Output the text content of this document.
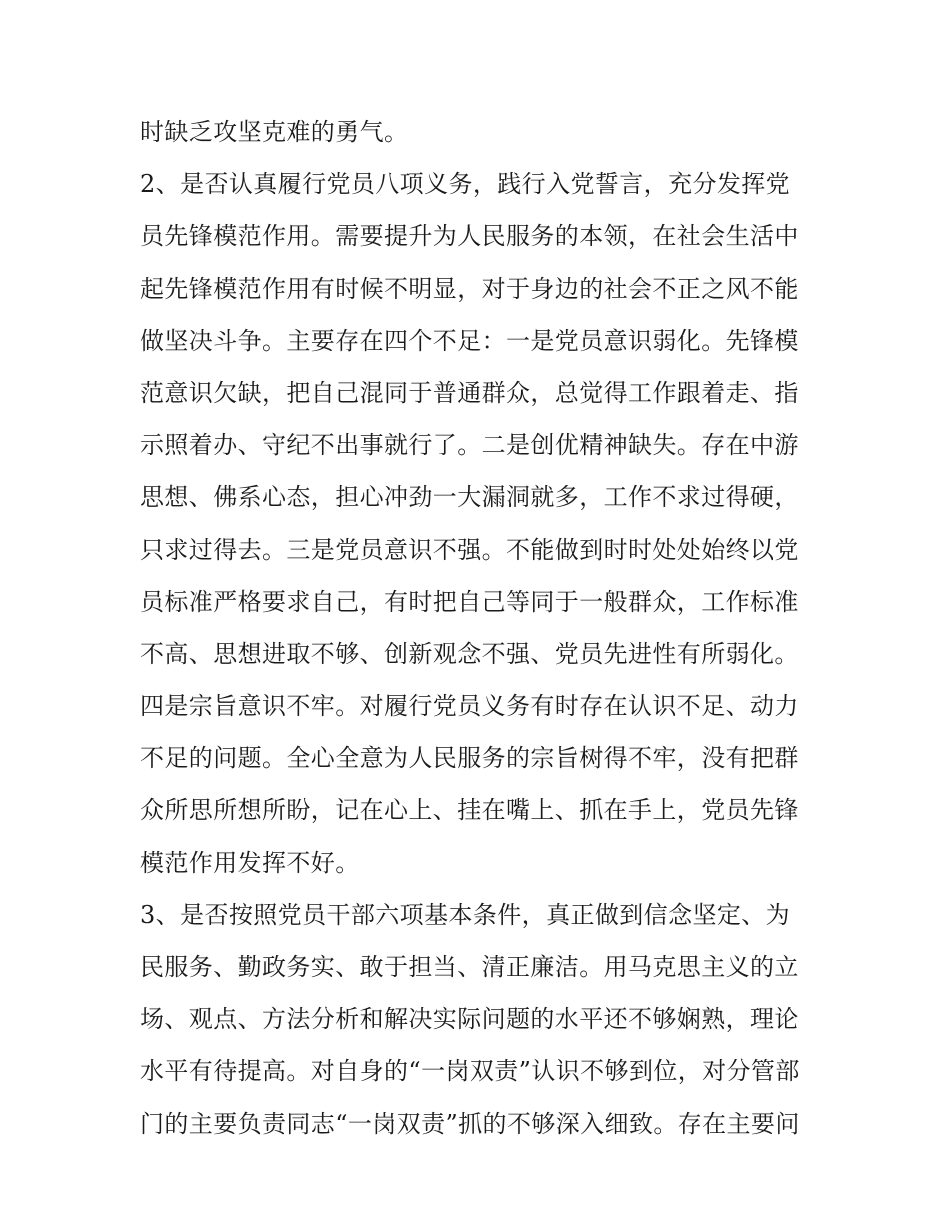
时缺乏攻坚克难的勇气。
2、是否认真履行党员八项义务，践行入党誓言，充分发挥党
员先锋模范作用。需要提升为人民服务的本领，在社会生活中
起先锋模范作用有时候不明显，对于身边的社会不正之风不能
做坚决斗争。主要存在四个不足：一是党员意识弱化。先锋模
范意识欠缺，把自己混同于普通群众，总觉得工作跟着走、指
示照着办、守纪不出事就行了。二是创优精神缺失。存在中游
思想、佛系心态，担心冲劲一大漏洞就多，工作不求过得硬，
只求过得去。三是党员意识不强。不能做到时时处处始终以党
员标准严格要求自己，有时把自己等同于一般群众，工作标准
不高、思想进取不够、创新观念不强、党员先进性有所弱化。
四是宗旨意识不牢。对履行党员义务有时存在认识不足、动力
不足的问题。全心全意为人民服务的宗旨树得不牢，没有把群
众所思所想所盼，记在心上、挂在嘴上、抓在手上，党员先锋
模范作用发挥不好。
3、是否按照党员干部六项基本条件，真正做到信念坚定、为
民服务、勤政务实、敢于担当、清正廉洁。用马克思主义的立
场、观点、方法分析和解决实际问题的水平还不够娴熟，理论
水平有待提高。对自身的“一岗双责”认识不够到位，对分管部
门的主要负责同志“一岗双责”抓的不够深入细致。存在主要问
